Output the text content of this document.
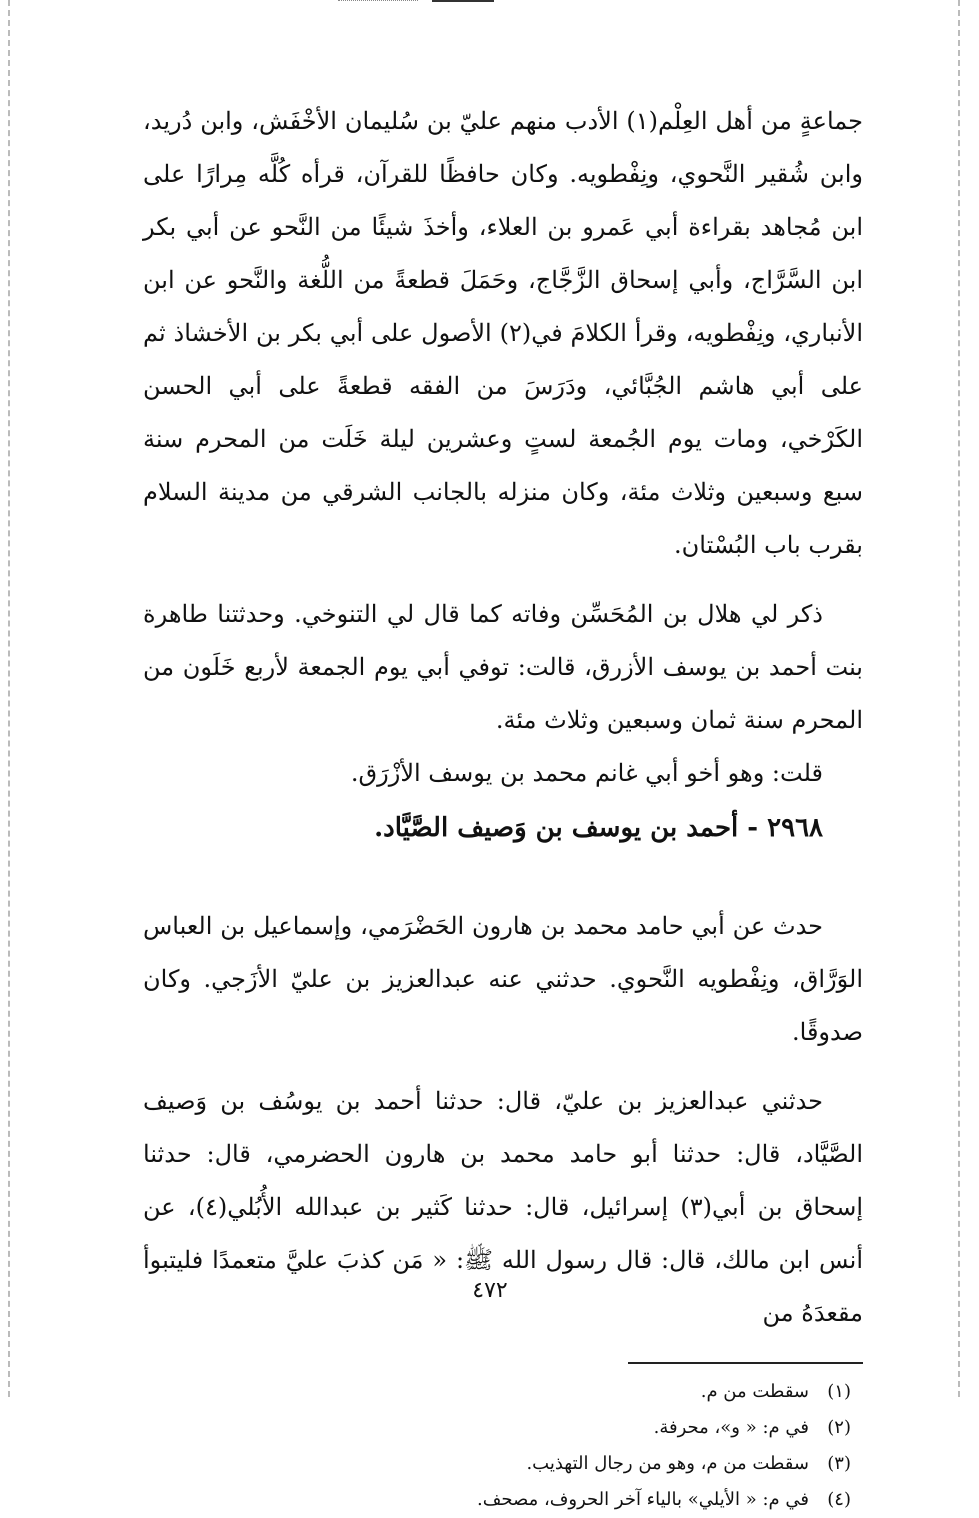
جماعةٍ من أهل العِلْم(١) الأدب منهم عليّ بن سُليمان الأخْفَش، وابن دُريد، وابن شُقير النَّحوي، ونِفْطويه. وكان حافظًا للقرآن، قرأه كُلَّه مِرارًا على ابن مُجاهد بقراءة أبي عَمرو بن العلاء، وأخذَ شيئًا من النَّحو عن أبي بكر ابن السَّرَّاج، وأبي إسحاق الزَّجَّاج، وحَمَلَ قطعةً من اللُّغة والنَّحو عن ابن الأنباري، ونِفْطويه، وقرأ الكلامَ في(٢) الأصول على أبي بكر بن الأخشاذ ثم على أبي هاشم الجُبَّائي، ودَرَسَ من الفقه قطعةً على أبي الحسن الكَرْخي، ومات يوم الجُمعة لستٍ وعشرين ليلة خَلَت من المحرم سنة سبع وسبعين وثلاث مئة، وكان منزله بالجانب الشرقي من مدينة السلام بقرب باب البُسْتان.

ذكر لي هلال بن المُحَسِّن وفاته كما قال لي التنوخي. وحدثتنا طاهرة بنت أحمد بن يوسف الأزرق، قالت: توفي أبي يوم الجمعة لأربع خَلَون من المحرم سنة ثمان وسبعين وثلاث مئة.

قلت: وهو أخو أبي غانم محمد بن يوسف الأزْرَق.

٢٩٦٨ - أحمد بن يوسف بن وَصيف الصَّيَّاد.

حدث عن أبي حامد محمد بن هارون الحَضْرَمي، وإسماعيل بن العباس الوَرَّاق، ونِفْطويه النَّحوي. حدثني عنه عبدالعزيز بن عليّ الأزَجي. وكان صدوقًا.

حدثني عبدالعزيز بن عليّ، قال: حدثنا أحمد بن يوسُف بن وَصيف الصَّيَّاد، قال: حدثنا أبو حامد محمد بن هارون الحضرمي، قال: حدثنا إسحاق بن أبي(٣) إسرائيل، قال: حدثنا كَثير بن عبدالله الأُبُلي(٤)، عن أنس ابن مالك، قال: قال رسول الله ﷺ: « مَن كذبَ عليَّ متعمدًا فليتبوأ مقعدَهُ من

(١)
سقطت من م.
(٢)
في م: « و»، محرفة.
(٣)
سقطت من م، وهو من رجال التهذيب.
(٤)
في م: « الأيلي» بالياء آخر الحروف، مصحف.
٤٧٢
